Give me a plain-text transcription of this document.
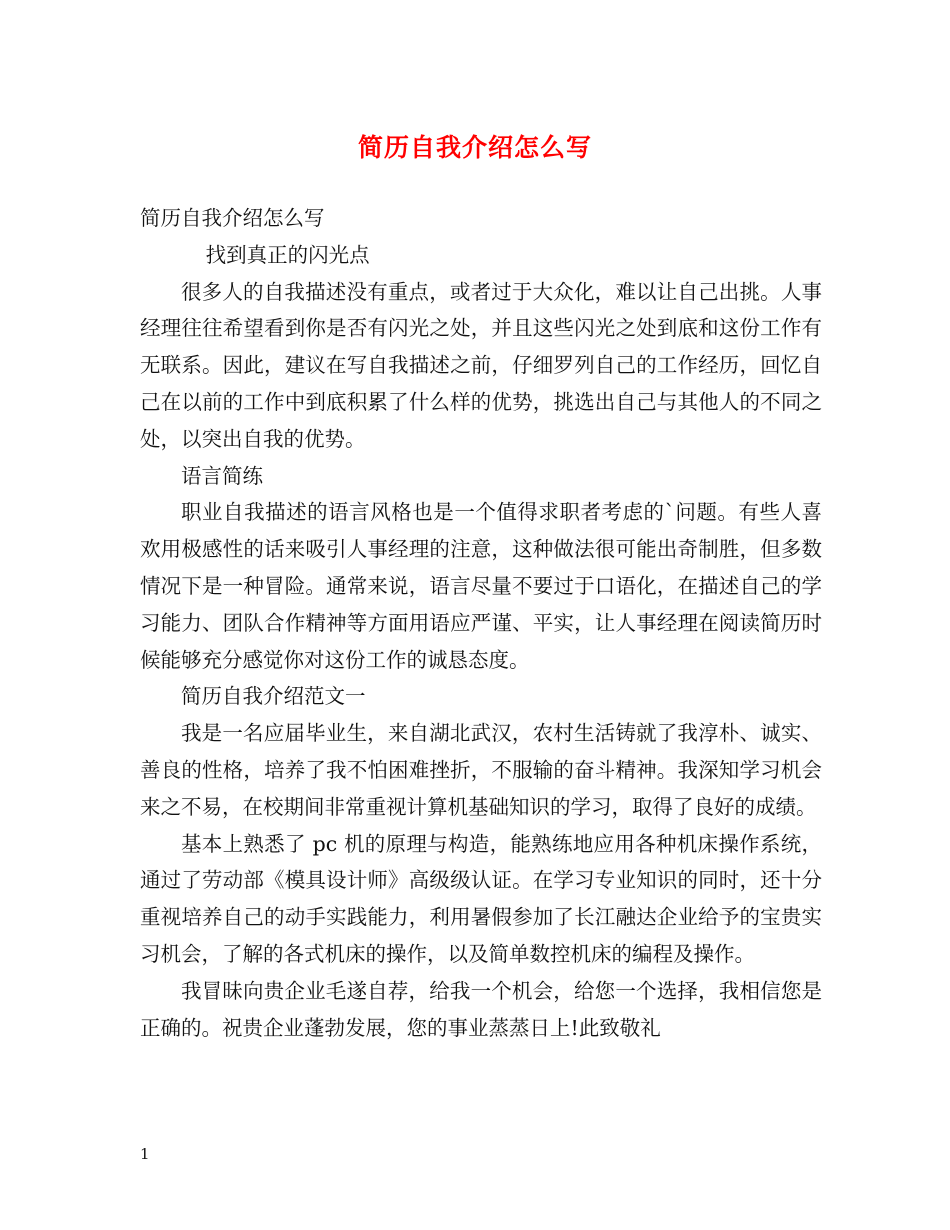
简历自我介绍怎么写

简历自我介绍怎么写

找到真正的闪光点

很多人的自我描述没有重点，或者过于大众化，难以让自己出挑。人事经理往往希望看到你是否有闪光之处，并且这些闪光之处到底和这份工作有无联系。因此，建议在写自我描述之前，仔细罗列自己的工作经历，回忆自己在以前的工作中到底积累了什么样的优势，挑选出自己与其他人的不同之处，以突出自我的优势。

语言简练

职业自我描述的语言风格也是一个值得求职者考虑的`问题。有些人喜欢用极感性的话来吸引人事经理的注意，这种做法很可能出奇制胜，但多数情况下是一种冒险。通常来说，语言尽量不要过于口语化，在描述自己的学习能力、团队合作精神等方面用语应严谨、平实，让人事经理在阅读简历时候能够充分感觉你对这份工作的诚恳态度。

简历自我介绍范文一

我是一名应届毕业生，来自湖北武汉，农村生活铸就了我淳朴、诚实、善良的性格，培养了我不怕困难挫折，不服输的奋斗精神。我深知学习机会来之不易，在校期间非常重视计算机基础知识的学习，取得了良好的成绩。

基本上熟悉了 pc 机的原理与构造，能熟练地应用各种机床操作系统，通过了劳动部《模具设计师》高级级认证。在学习专业知识的同时，还十分重视培养自己的动手实践能力，利用暑假参加了长江融达企业给予的宝贵实习机会，了解的各式机床的操作，以及简单数控机床的编程及操作。

我冒昧向贵企业毛遂自荐，给我一个机会，给您一个选择，我相信您是正确的。祝贵企业蓬勃发展，您的事业蒸蒸日上!此致敬礼

1
